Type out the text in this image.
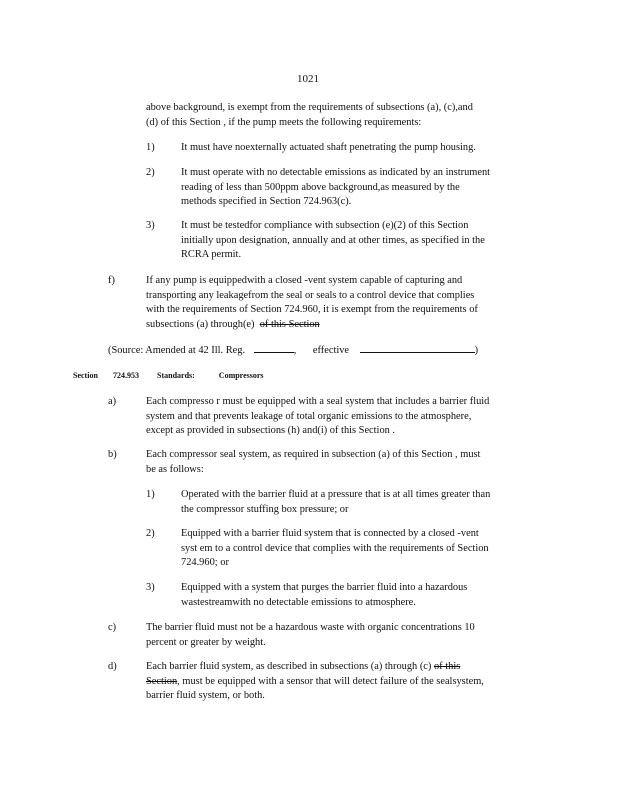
1021
above background, is exempt from the requirements of subsections (a), (c),and
(d) of this Section , if the pump meets the following requirements:
1)	It must have noexternally actuated shaft penetrating the pump housing.
2)	It must operate with no detectable emissions as indicated by an instrument
reading of less than 500ppm above background,as measured by the
methods specified in Section 724.963(c).
3)	It must be testedfor compliance with subsection (e)(2) of this Section
initially upon designation, annually and at other times, as specified in the
RCRA permit.
f)	If any pump is equippedwith a closed -vent system capable of capturing and
transporting any leakagefrom the seal or seals to a control device that complies
with the requirements of Section 724.960, it is exempt from the requirements of
subsections (a) through(e) of this Section
(Source: Amended at 42 Ill. Reg.	, effective	)
Section 724.953 Standards: Compressors
a)	Each compresso r must be equipped with a seal system that includes a barrier fluid
system and that prevents leakage of total organic emissions to the atmosphere,
except as provided in subsections (h) and(i) of this Section .
b)	Each compressor seal system, as required in subsection (a) of this Section , must
be as follows:
1)	Operated with the barrier fluid at a pressure that is at all times greater than
the compressor stuffing box pressure; or
2)	Equipped with a barrier fluid system that is connected by a closed -vent
syst em to a control device that complies with the requirements of Section
724.960; or
3)	Equipped with a system that purges the barrier fluid into a hazardous
wastestreamwith no detectable emissions to atmosphere.
c)	The barrier fluid must not be a hazardous waste with organic concentrations 10
percent or greater by weight.
d)	Each barrier fluid system, as described in subsections (a) through (c) of this
Section, must be equipped with a sensor that will detect failure of the sealsystem,
barrier fluid system, or both.
